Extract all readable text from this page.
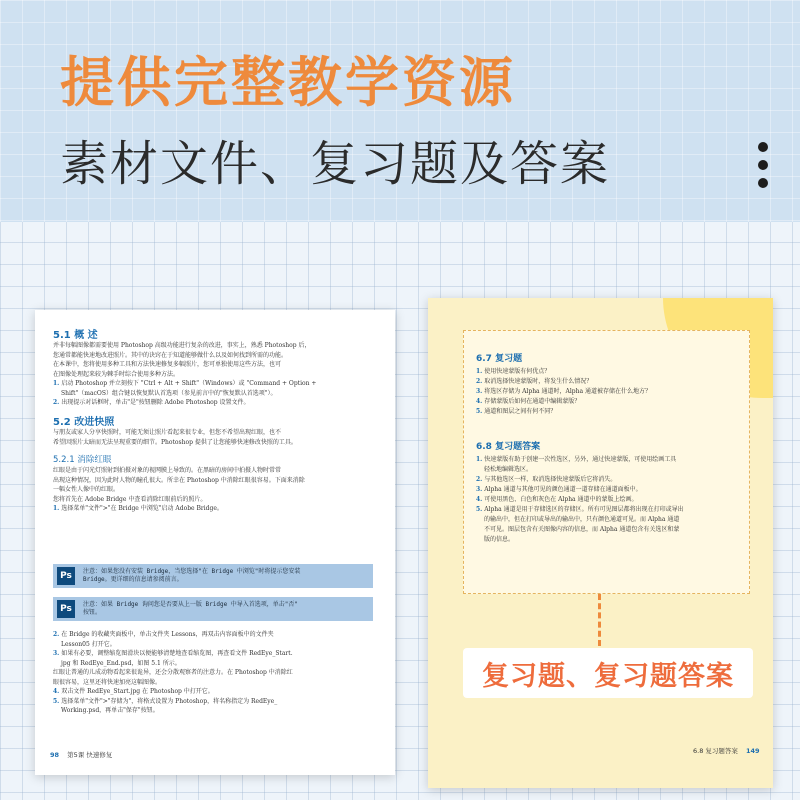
提供完整教学资源
素材文件、复习题及答案
5.1 概 述
并非每幅图像都需要使用 Photoshop 高级功能进行复杂的改进，事实上，熟悉 Photoshop 后，
您通常都能快速地改进照片。其中的诀窍在于知道能够做什么以及如何找到所需的功能。
在本课中，您将使用多种工具和方法快速修复多幅照片，您可单独使用这些方法，也可
在图像处理起来较为棘手时综合使用多种方法。
1. 启动 Photoshop 并立刻按下 "Ctrl + Alt + Shift"（Windows）或 "Command + Option +
Shift"（macOS）组合键以恢复默认首选项（参见前言中的"恢复默认首选项"）。
2. 出现提示对话框时，单击"是"按钮删除 Adobe Photoshop 设置文件。
5.2 改进快照
与朋友或家人分享快照时，可能无须让照片看起来很专业，但您不希望出现红眼，也不
希望因照片太暗而无法呈现重要的细节。Photoshop 提供了让您能够快速修改快照的工具。
5.2.1 消除红眼
红眼是由于闪光灯照射到拍摄对象的视网膜上导致的。在黑暗的房间中拍摄人物时常常
出现这种情况，因为此时人物的瞳孔很大。所幸在 Photoshop 中消除红眼很容易。下面来消除
一幅女性人像中的红眼。
您将首先在 Adobe Bridge 中查看消除红眼前后的照片。
1. 选择菜单"文件">"在 Bridge 中浏览"启动 Adobe Bridge。
Ps	注意：如果您没有安装 Bridge，当您选择"在 Bridge 中浏览"时将提示您安装
Bridge。更详细的信息请参阅前言。
Ps	注意：如果 Bridge 询问您是否要从上一版 Bridge 中导入首选项，单击"否"
按钮。
2. 在 Bridge 的收藏夹面板中，单击文件夹 Lessons，再双击内容面板中的文件夹
Lesson05 打开它。
3. 如果有必要，调整缩览图滑块以便能够清楚地查看缩览图，再查看文件 RedEye_Start.
jpg 和 RedEye_End.psd，如图 5.1 所示。
红眼让普通的儿成动物看起来很诡异，还会分散观察者的注意力。在 Photoshop 中消除红
眼很容易，这里还将快速加亮这幅图像。
4. 双击文件 RedEye_Start.jpg 在 Photoshop 中打开它。
5. 选择菜单"文件">"存储为"，将格式设置为 Photoshop，将名称指定为 RedEye_
Working.psd，再单击"保存"按钮。
98 第5课 快速修复
6.7 复习题
1. 使用快速蒙版有何优点？
2. 取消选择快速蒙版时，将发生什么情况？
3. 将选区存储为 Alpha 通道时，Alpha 通道被存储在什么地方？
4. 存储蒙版后如何在通道中编辑蒙版？
5. 通道和图层之间有何不同？
6.8 复习题答案
1. 快速蒙版有助于创建一次性选区，另外，通过快速蒙版，可使用绘画工具
轻松地编辑选区。
2. 与其他选区一样，取消选择快速蒙版后它将消失。
3. Alpha 通道与其他可见的颜色通道一道存储在通道面板中。
4. 可使用黑色、白色和灰色在 Alpha 通道中的蒙版上绘画。
5. Alpha 通道是用于存储选区的存储区。所有可见图层都将出现在打印或导出
的输出中，但在打印或导出的输出中，只有颜色通道可见。而 Alpha 通道
不可见。图层包含有关图像内容的信息，而 Alpha 通道包含有关选区和蒙
版的信息。
复习题、复习题答案
6.8 复习题答案 149
